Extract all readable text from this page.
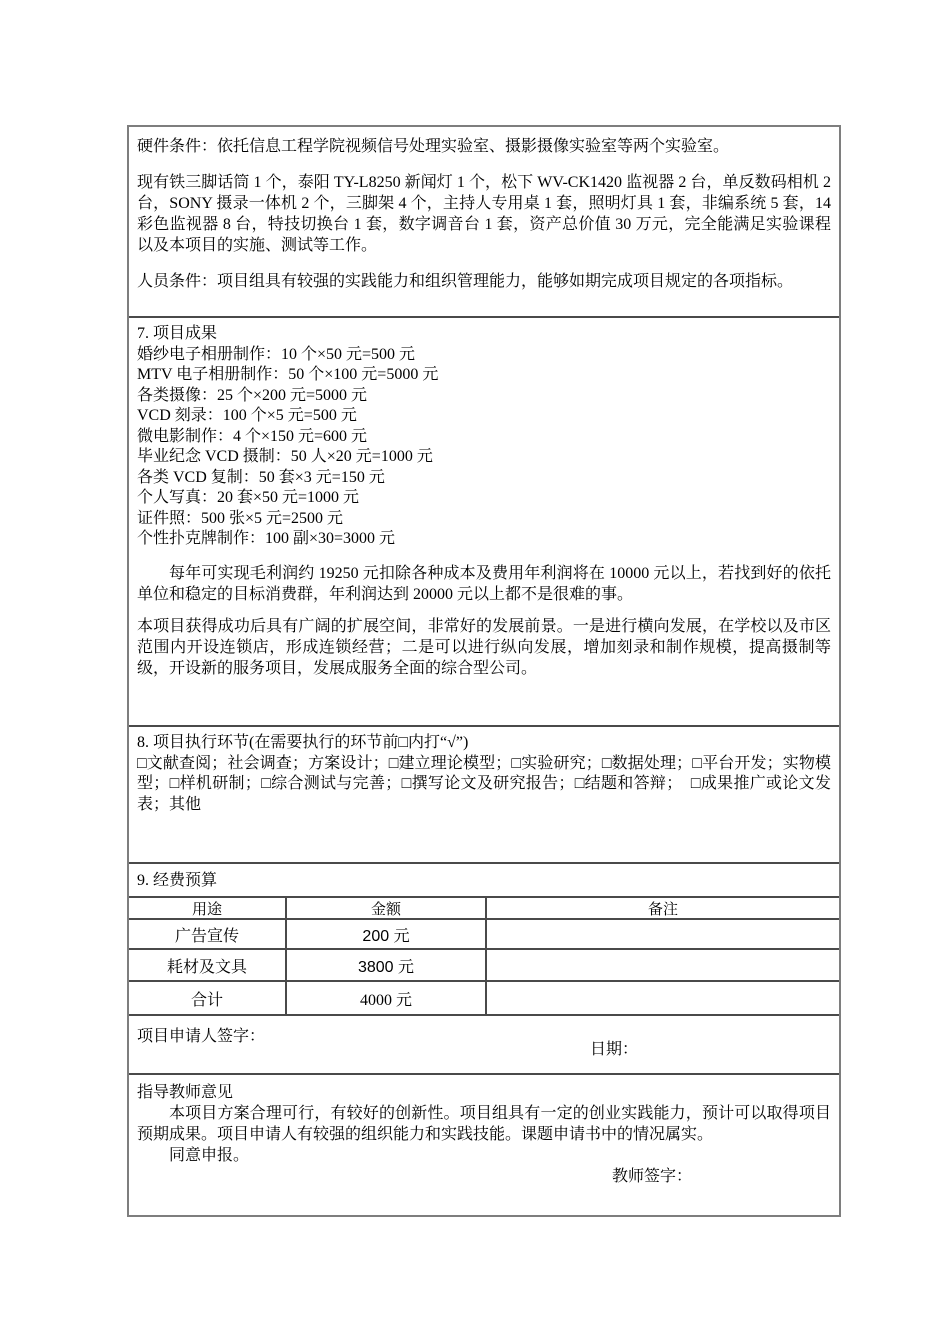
硬件条件：依托信息工程学院视频信号处理实验室、摄影摄像实验室等两个实验室。

现有铁三脚话筒 1 个，泰阳 TY-L8250 新闻灯 1 个，松下 WV-CK1420 监视器 2 台，单反数码相机 2 台，SONY 摄录一体机 2 个，三脚架 4 个，主持人专用桌 1 套，照明灯具 1 套，非编系统 5 套，14 彩色监视器 8 台，特技切换台 1 套，数字调音台 1 套，资产总价值 30 万元，完全能满足实验课程以及本项目的实施、测试等工作。

人员条件：项目组具有较强的实践能力和组织管理能力，能够如期完成项目规定的各项指标。

7. 项目成果
婚纱电子相册制作：10 个×50 元=500 元
MTV 电子相册制作：50 个×100 元=5000 元
各类摄像：25 个×200 元=5000 元
VCD 刻录：100 个×5 元=500 元
微电影制作：4 个×150 元=600 元
毕业纪念 VCD 摄制：50 人×20 元=1000 元
各类 VCD 复制：50 套×3 元=150 元
个人写真：20 套×50 元=1000 元
证件照：500 张×5 元=2500 元
个性扑克牌制作：100 副×30=3000 元

每年可实现毛利润约 19250 元扣除各种成本及费用年利润将在 10000 元以上，若找到好的依托单位和稳定的目标消费群，年利润达到 20000 元以上都不是很难的事。

本项目获得成功后具有广阔的扩展空间，非常好的发展前景。一是进行横向发展，在学校以及市区范围内开设连锁店，形成连锁经营；二是可以进行纵向发展，增加刻录和制作规模，提高摄制等级，开设新的服务项目，发展成服务全面的综合型公司。

8. 项目执行环节(在需要执行的环节前□内打“√”)

□文献查阅；社会调查；方案设计；□建立理论模型；□实验研究；□数据处理；□平台开发；实物模型；□样机研制；□综合测试与完善；□撰写论文及研究报告；□结题和答辩；　□成果推广或论文发表；其他

9. 经费预算
用途	金额	备注
广告宣传	200 元
耗材及文具	3800 元
合计	4000 元
项目申请人签字：
日期：
指导教师意见

本项目方案合理可行，有较好的创新性。项目组具有一定的创业实践能力，预计可以取得项目预期成果。项目申请人有较强的组织能力和实践技能。课题申请书中的情况属实。

同意申报。

教师签字：
